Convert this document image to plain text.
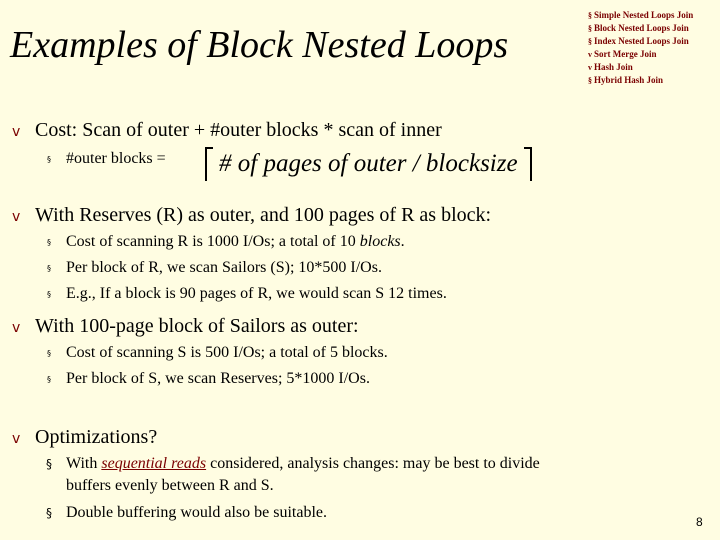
Examples of Block Nested Loops
§ Simple Nested Loops Join
§ Block Nested Loops Join
§ Index Nested Loops Join
v Sort Merge Join
v Hash Join
§ Hybrid Hash Join
v Cost: Scan of outer + #outer blocks * scan of inner
§ #outer blocks = # of pages of outer / blocksize
v With Reserves (R) as outer, and 100 pages of R as block:
§ Cost of scanning R is 1000 I/Os; a total of 10 blocks.
§ Per block of R, we scan Sailors (S); 10*500 I/Os.
§ E.g., If a block is 90 pages of R, we would scan S 12 times.
v With 100-page block of Sailors as outer:
§ Cost of scanning S is 500 I/Os; a total of 5 blocks.
§ Per block of S, we scan Reserves; 5*1000 I/Os.
v Optimizations?
§ With sequential reads considered, analysis changes: may be best to divide
buffers evenly between R and S.
§ Double buffering would also be suitable.
8
